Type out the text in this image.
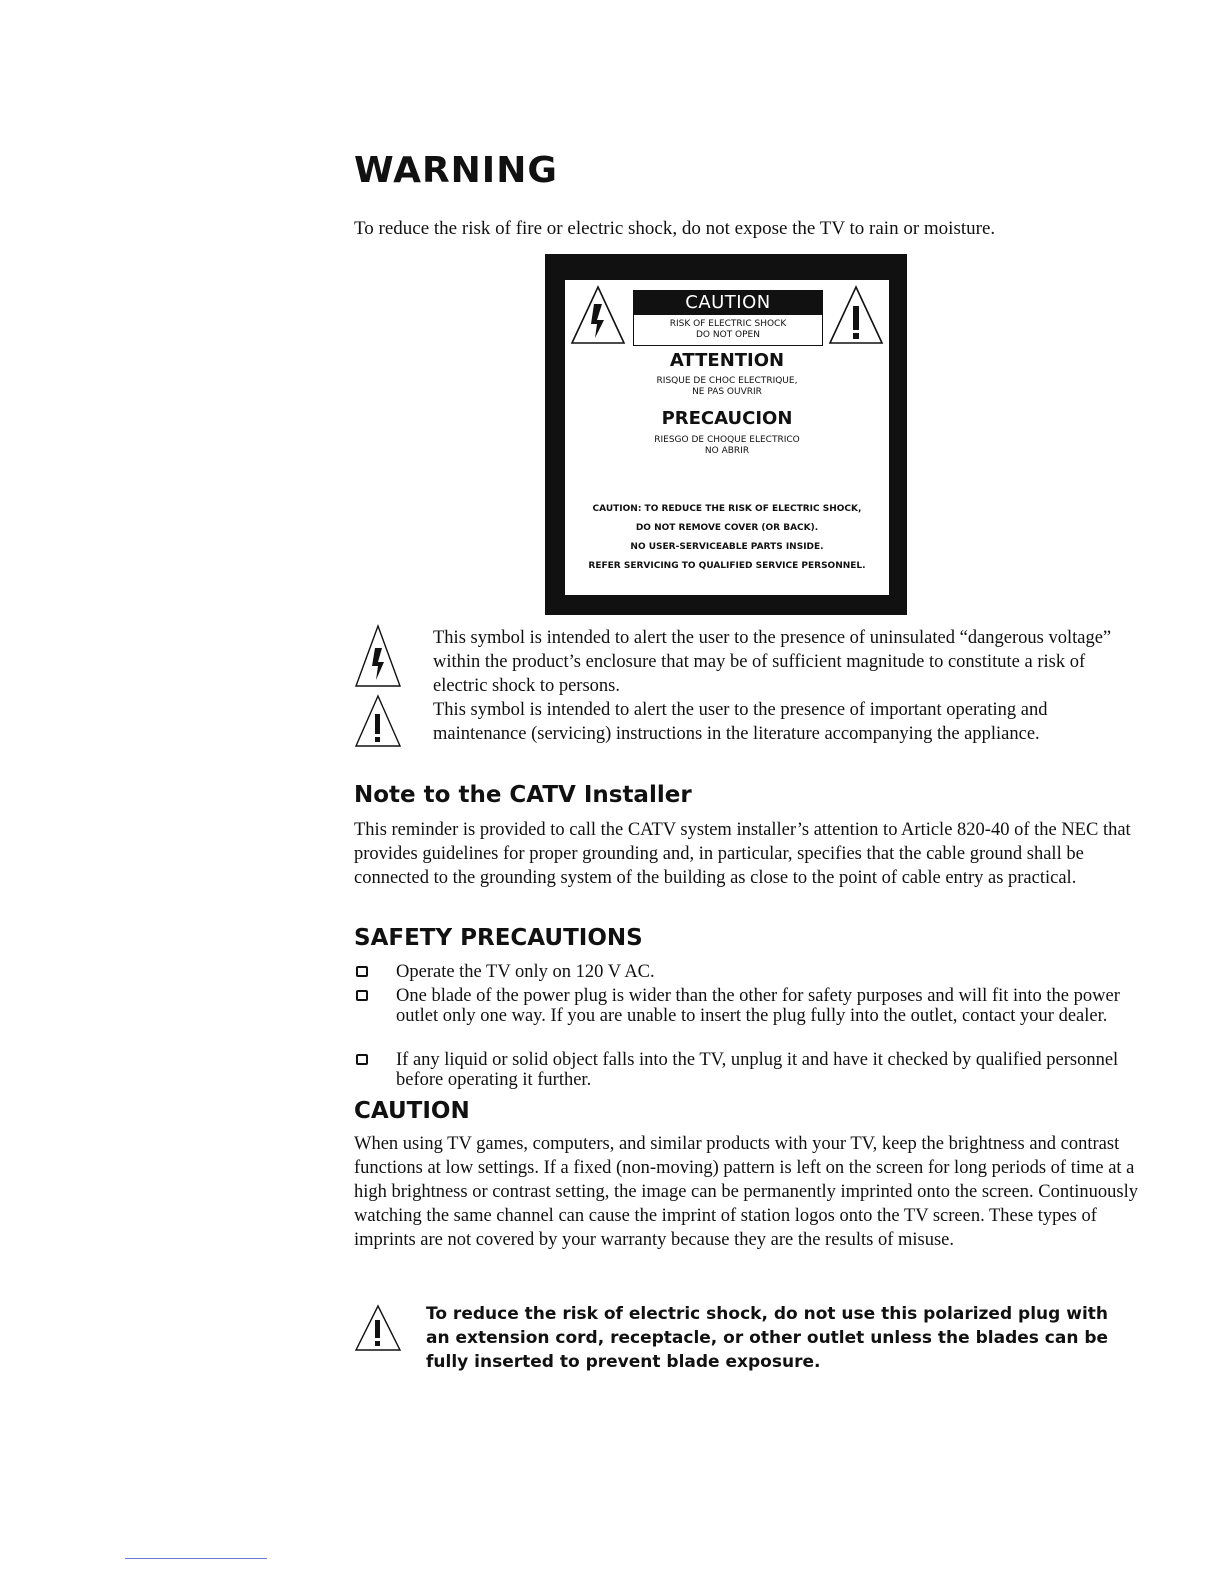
WARNING
To reduce the risk of fire or electric shock, do not expose the TV to rain or moisture.
CAUTION
RISK OF ELECTRIC SHOCK
DO NOT OPEN
ATTENTION
RISQUE DE CHOC ELECTRIQUE,
NE PAS OUVRIR
PRECAUCION
RIESGO DE CHOQUE ELECTRICO
NO ABRIR
CAUTION: TO REDUCE THE RISK OF ELECTRIC SHOCK,
DO NOT REMOVE COVER (OR BACK).
NO USER-SERVICEABLE PARTS INSIDE.
REFER SERVICING TO QUALIFIED SERVICE PERSONNEL.
This symbol is intended to alert the user to the presence of uninsulated “dangerous voltage” within the product’s enclosure that may be of sufficient magnitude to constitute a risk of electric shock to persons.
This symbol is intended to alert the user to the presence of important operating and maintenance (servicing) instructions in the literature accompanying the appliance.
Note to the CATV Installer
This reminder is provided to call the CATV system installer’s attention to Article 820-40 of the NEC that provides guidelines for proper grounding and, in particular, specifies that the cable ground shall be connected to the grounding system of the building as close to the point of cable entry as practical.
SAFETY PRECAUTIONS
Operate the TV only on 120 V AC.
One blade of the power plug is wider than the other for safety purposes and will fit into the power outlet only one way. If you are unable to insert the plug fully into the outlet, contact your dealer.
If any liquid or solid object falls into the TV, unplug it and have it checked by qualified personnel before operating it further.
CAUTION
When using TV games, computers, and similar products with your TV, keep the brightness and contrast functions at low settings. If a fixed (non-moving) pattern is left on the screen for long periods of time at a high brightness or contrast setting, the image can be permanently imprinted onto the screen. Continuously watching the same channel can cause the imprint of station logos onto the TV screen. These types of imprints are not covered by your warranty because they are the results of misuse.
To reduce the risk of electric shock, do not use this polarized plug with an extension cord, receptacle, or other outlet unless the blades can be fully inserted to prevent blade exposure.
